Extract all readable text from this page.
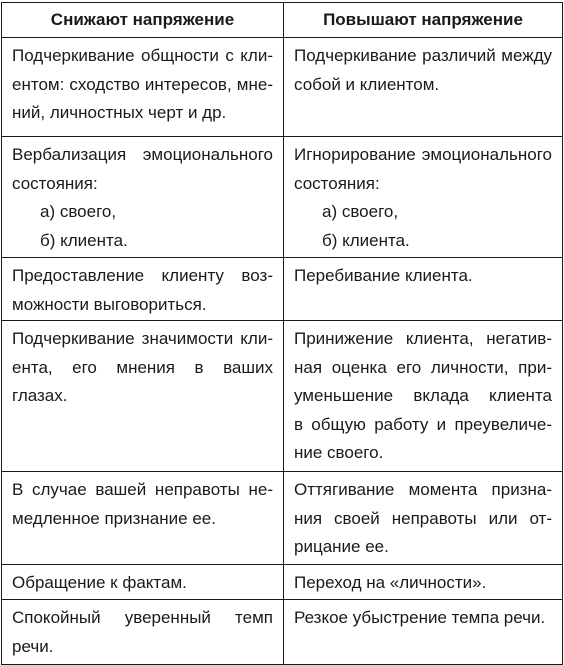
Снижают напряжение	Повышают напряжение

Подчеркивание общности с кли-
ентом: сходство интересов, мне-
ний, личностных черт и др.	Подчеркивание различий между
собой и клиентом.

Вербализация эмоционального
состояния:
а) своего,
б) клиента.	Игнорирование эмоционального
состояния:
а) своего,
б) клиента.

Предоставление клиенту воз-
можности выговориться.	Перебивание клиента.

Подчеркивание значимости кли-
ента, его мнения в ваших глазах.	Принижение клиента, негатив-
ная оценка его личности, при-
уменьшение вклада клиента
в общую работу и преувеличе-
ние своего.

В случае вашей неправоты не-
медленное признание ее.	Оттягивание момента призна-
ния своей неправоты или от-
рицание ее.

Обращение к фактам.	Переход на «личности».

Спокойный уверенный темп
речи.	Резкое убыстрение темпа речи.
